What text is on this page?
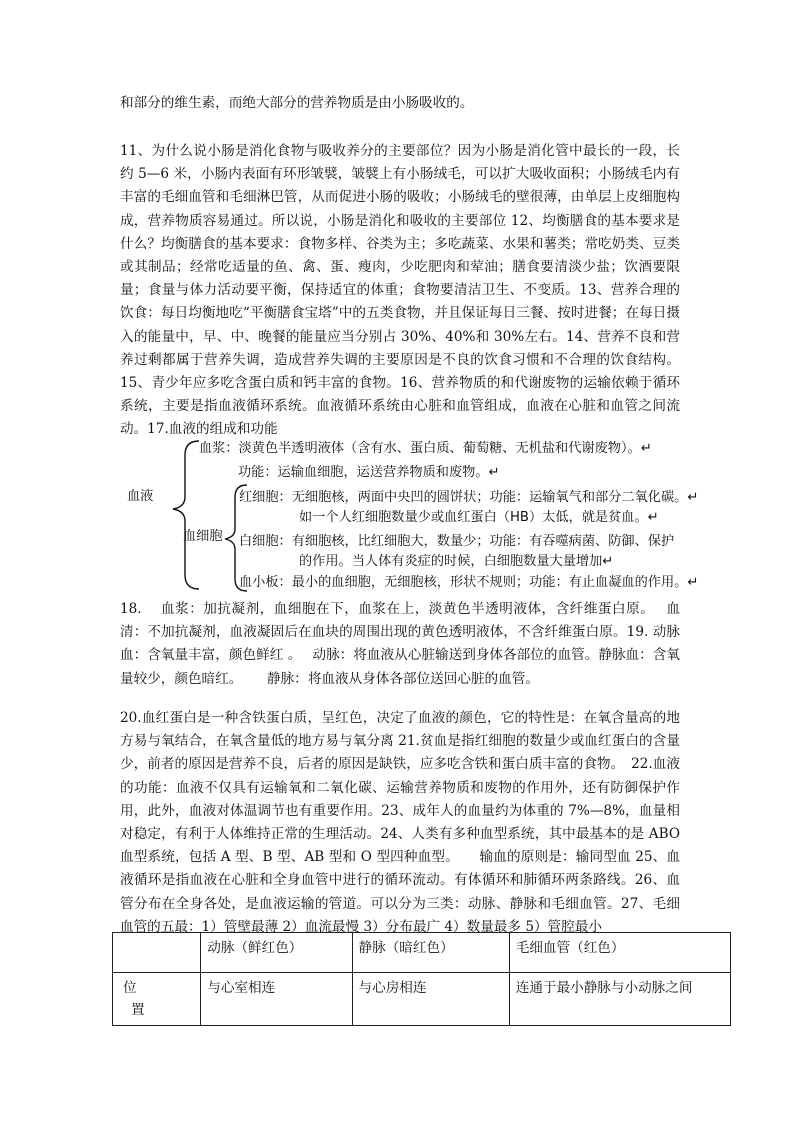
和部分的维生素，而绝大部分的营养物质是由小肠吸收的。

11、为什么说小肠是消化食物与吸收养分的主要部位？因为小肠是消化管中最长的一段，长约 5—6 米，小肠内表面有环形皱襞，皱襞上有小肠绒毛，可以扩大吸收面积；小肠绒毛内有丰富的毛细血管和毛细淋巴管，从而促进小肠的吸收；小肠绒毛的壁很薄，由单层上皮细胞构成，营养物质容易通过。所以说，小肠是消化和吸收的主要部位 12、均衡膳食的基本要求是什么？均衡膳食的基本要求：食物多样、谷类为主；多吃蔬菜、水果和薯类；常吃奶类、豆类或其制品；经常吃适量的鱼、禽、蛋、瘦肉，少吃肥肉和荤油；膳食要清淡少盐；饮酒要限量；食量与体力活动要平衡，保持适宜的体重；食物要清洁卫生、不变质。13、营养合理的饮食：每日均衡地吃“平衡膳食宝塔”中的五类食物，并且保证每日三餐、按时进餐；在每日摄入的能量中，早、中、晚餐的能量应当分别占 30%、40%和 30%左右。14、营养不良和营养过剩都属于营养失调，造成营养失调的主要原因是不良的饮食习惯和不合理的饮食结构。15、青少年应多吃含蛋白质和钙丰富的食物。16、营养物质的和代谢废物的运输依赖于循环系统，主要是指血液循环系统。血液循环系统由心脏和血管组成，血液在心脏和血管之间流动。17.血液的组成和功能

血液
血浆：淡黄色半透明液体（含有水、蛋白质、葡萄糖、无机盐和代谢废物）。↵
功能：运输血细胞，运送营养物质和废物。↵
血细胞
红细胞：无细胞核，两面中央凹的圆饼状；功能：运输氧气和部分二氧化碳。↵
如一个人红细胞数量少或血红蛋白（HB）太低，就是贫血。↵
白细胞：有细胞核，比红细胞大，数量少；功能：有吞噬病菌、防御、保护
的作用。当人体有炎症的时候，白细胞数量大量增加↵
血小板：最小的血细胞，无细胞核，形状不规则；功能：有止血凝血的作用。↵

18.　 血浆：加抗凝剂，血细胞在下，血浆在上，淡黄色半透明液体，含纤维蛋白原。　 血清：不加抗凝剂，血液凝固后在血块的周围出现的黄色透明液体，不含纤维蛋白原。19. 动脉血：含氧量丰富，颜色鲜红 。　 动脉：将血液从心脏输送到身体各部位的血管。静脉血：含氧量较少，颜色暗红。　　 静脉：将血液从身体各部位送回心脏的血管。

20.血红蛋白是一种含铁蛋白质，呈红色，决定了血液的颜色，它的特性是：在氧含量高的地方易与氧结合，在氧含量低的地方易与氧分离 21.贫血是指红细胞的数量少或血红蛋白的含量少，前者的原因是营养不良，后者的原因是缺铁，应多吃含铁和蛋白质丰富的食物。　22.血液的功能：血液不仅具有运输氧和二氧化碳、运输营养物质和废物的作用外，还有防御保护作用，此外，血液对体温调节也有重要作用。23、成年人的血量约为体重的 7%—8%，血量相对稳定，有利于人体维持正常的生理活动。24、人类有多种血型系统，其中最基本的是 ABO 血型系统，包括 A 型、B 型、AB 型和 O 型四种血型。　　输血的原则是：输同型血 25、血液循环是指血液在心脏和全身血管中进行的循环流动。有体循环和肺循环两条路线。26、血管分布在全身各处，是血液运输的管道。可以分为三类：动脉、静脉和毛细血管。27、毛细血管的五最：1）管壁最薄 2）血流最慢 3）分布最广 4）数量最多 5）管腔最小

	动脉（鲜红色）	静脉（暗红色）	毛细血管（红色）

位
置	与心室相连	与心房相连	连通于最小静脉与小动脉之间
